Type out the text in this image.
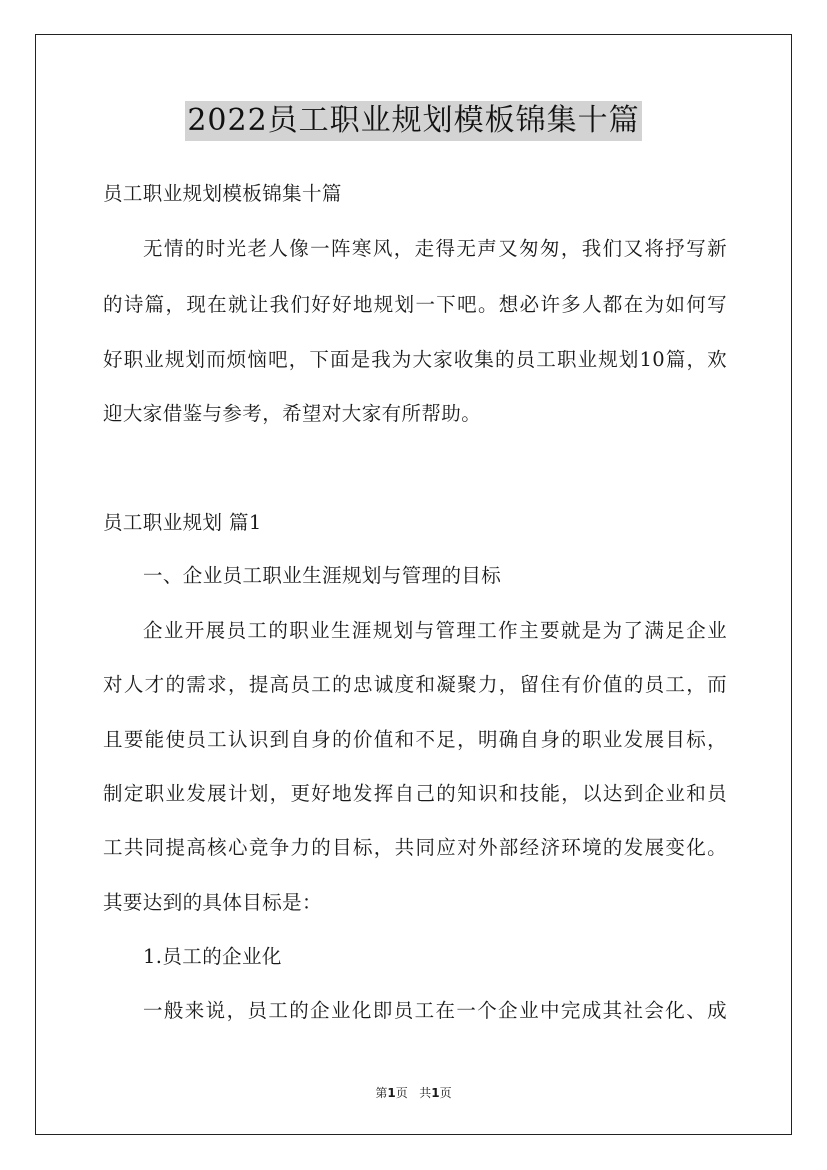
2022员工职业规划模板锦集十篇
员工职业规划模板锦集十篇
无情的时光老人像一阵寒风，走得无声又匆匆，我们又将抒写新
的诗篇，现在就让我们好好地规划一下吧。想必许多人都在为如何写
好职业规划而烦恼吧，下面是我为大家收集的员工职业规划10篇，欢
迎大家借鉴与参考，希望对大家有所帮助。
员工职业规划 篇1
一、企业员工职业生涯规划与管理的目标
企业开展员工的职业生涯规划与管理工作主要就是为了满足企业
对人才的需求，提高员工的忠诚度和凝聚力，留住有价值的员工，而
且要能使员工认识到自身的价值和不足，明确自身的职业发展目标，
制定职业发展计划，更好地发挥自己的知识和技能，以达到企业和员
工共同提高核心竞争力的目标，共同应对外部经济环境的发展变化。
其要达到的具体目标是：
1.员工的企业化
一般来说，员工的企业化即员工在一个企业中完成其社会化、成
第1页 共1页
